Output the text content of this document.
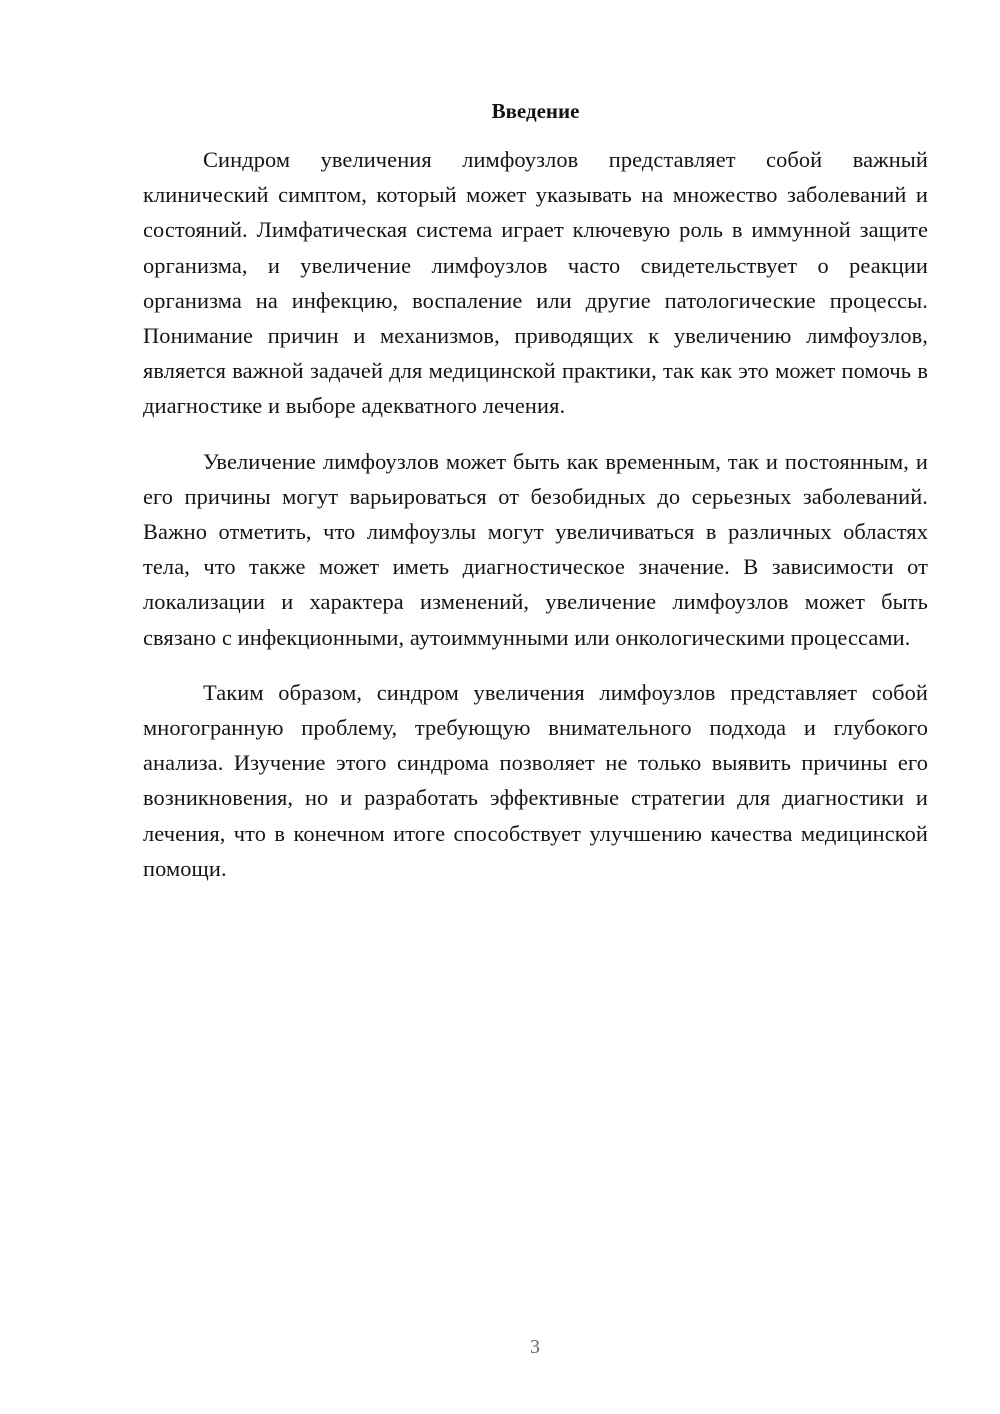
Введение

Синдром увеличения лимфоузлов представляет собой важный клинический симптом, который может указывать на множество заболеваний и состояний. Лимфатическая система играет ключевую роль в иммунной защите организма, и увеличение лимфоузлов часто свидетельствует о реакции организма на инфекцию, воспаление или другие патологические процессы. Понимание причин и механизмов, приводящих к увеличению лимфоузлов, является важной задачей для медицинской практики, так как это может помочь в диагностике и выборе адекватного лечения.

Увеличение лимфоузлов может быть как временным, так и постоянным, и его причины могут варьироваться от безобидных до серьезных заболеваний. Важно отметить, что лимфоузлы могут увеличиваться в различных областях тела, что также может иметь диагностическое значение. В зависимости от локализации и характера изменений, увеличение лимфоузлов может быть связано с инфекционными, аутоиммунными или онкологическими процессами.

Таким образом, синдром увеличения лимфоузлов представляет собой многогранную проблему, требующую внимательного подхода и глубокого анализа. Изучение этого синдрома позволяет не только выявить причины его возникновения, но и разработать эффективные стратегии для диагностики и лечения, что в конечном итоге способствует улучшению качества медицинской помощи.

3
